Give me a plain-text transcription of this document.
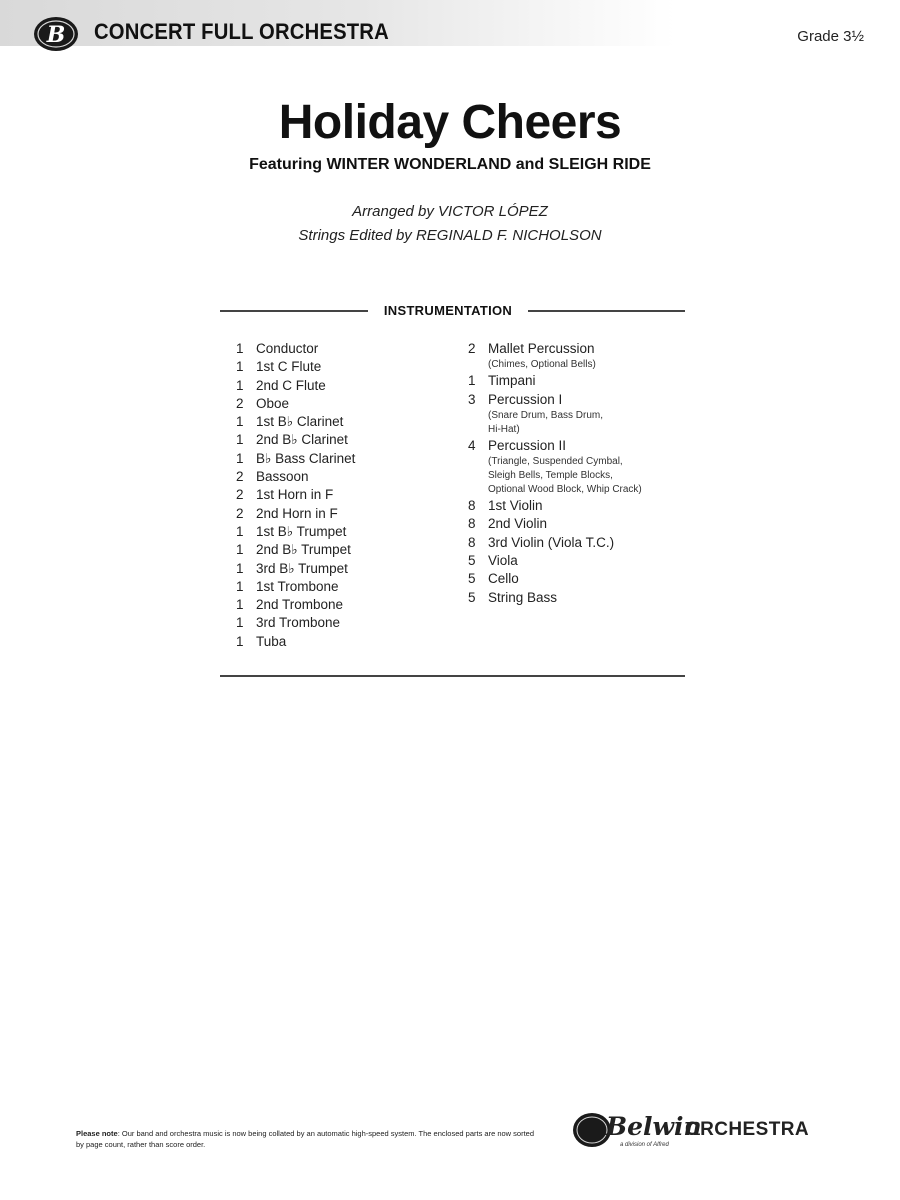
B CONCERT FULL ORCHESTRA	Grade 3½
Holiday Cheers
Featuring WINTER WONDERLAND and SLEIGH RIDE
Arranged by VICTOR LÓPEZ
Strings Edited by REGINALD F. NICHOLSON
INSTRUMENTATION
1 Conductor
1 1st C Flute
1 2nd C Flute
2 Oboe
1 1st B♭ Clarinet
1 2nd B♭ Clarinet
1 B♭ Bass Clarinet
2 Bassoon
2 1st Horn in F
2 2nd Horn in F
1 1st B♭ Trumpet
1 2nd B♭ Trumpet
1 3rd B♭ Trumpet
1 1st Trombone
1 2nd Trombone
1 3rd Trombone
1 Tuba
2 Mallet Percussion
(Chimes, Optional Bells)
1 Timpani
3 Percussion I
(Snare Drum, Bass Drum,
Hi-Hat)
4 Percussion II
(Triangle, Suspended Cymbal,
Sleigh Bells, Temple Blocks,
Optional Wood Block, Whip Crack)
8 1st Violin
8 2nd Violin
8 3rd Violin (Viola T.C.)
5 Viola
5 Cello
5 String Bass
Please note: Our band and orchestra music is now being collated by an automatic high-speed system. The enclosed parts are now sorted by page count, rather than score order.
Belwin
ORCHESTRA
a division of Alfred
